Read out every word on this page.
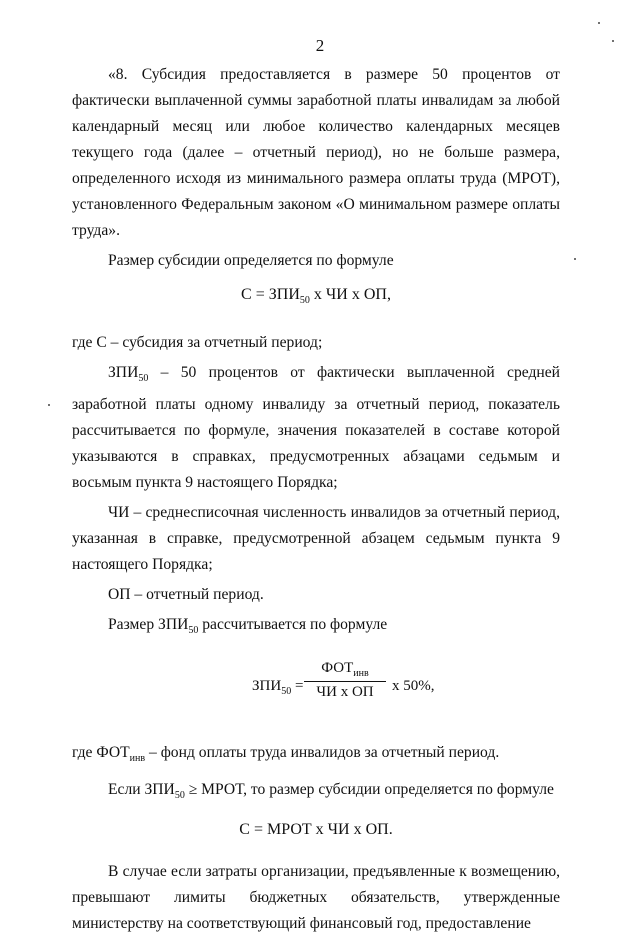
2

«8. Субсидия предоставляется в размере 50 процентов от фактически выплаченной суммы заработной платы инвалидам за любой календарный месяц или любое количество календарных месяцев текущего года (далее – отчетный период), но не больше размера, определенного исходя из минимального размера оплаты труда (МРОТ), установленного Федеральным законом «О минимальном размере оплаты труда».

Размер субсидии определяется по формуле

$С = ЗПИ_{50}$ х ЧИ х ОП,

где С – субсидия за отчетный период;

$ЗПИ_{50} - 50$ процентов от фактически выплаченной средней заработной платы одному инвалиду за отчетный период, показатель рассчитывается по формуле, значения показателей в составе которой указываются в справках, предусмотренных абзацами седьмым и восьмым пункта 9 настоящего Порядка;

ЧИ – среднесписочная численность инвалидов за отчетный период, указанная в справке, предусмотренной абзацем седьмым пункта 9 настоящего Порядка;

ОП – отчетный период.

Размер $ЗПИ_{50}$ рассчитывается по формуле

$ЗПИ_{50}$ =
$ФОТ_{инв}$
ЧИ х ОП	х 50%,

где $ФОТ_{инв}$ – фонд оплаты труда инвалидов за отчетный период.

Если $ЗПИ_{50}$ ≥ МРОТ, то размер субсидии определяется по формуле

С = МРОТ х ЧИ х ОП.

В случае если затраты организации, предъявленные к возмещению, превышают лимиты бюджетных обязательств, утвержденные министерству на соответствующий финансовый год, предоставление
